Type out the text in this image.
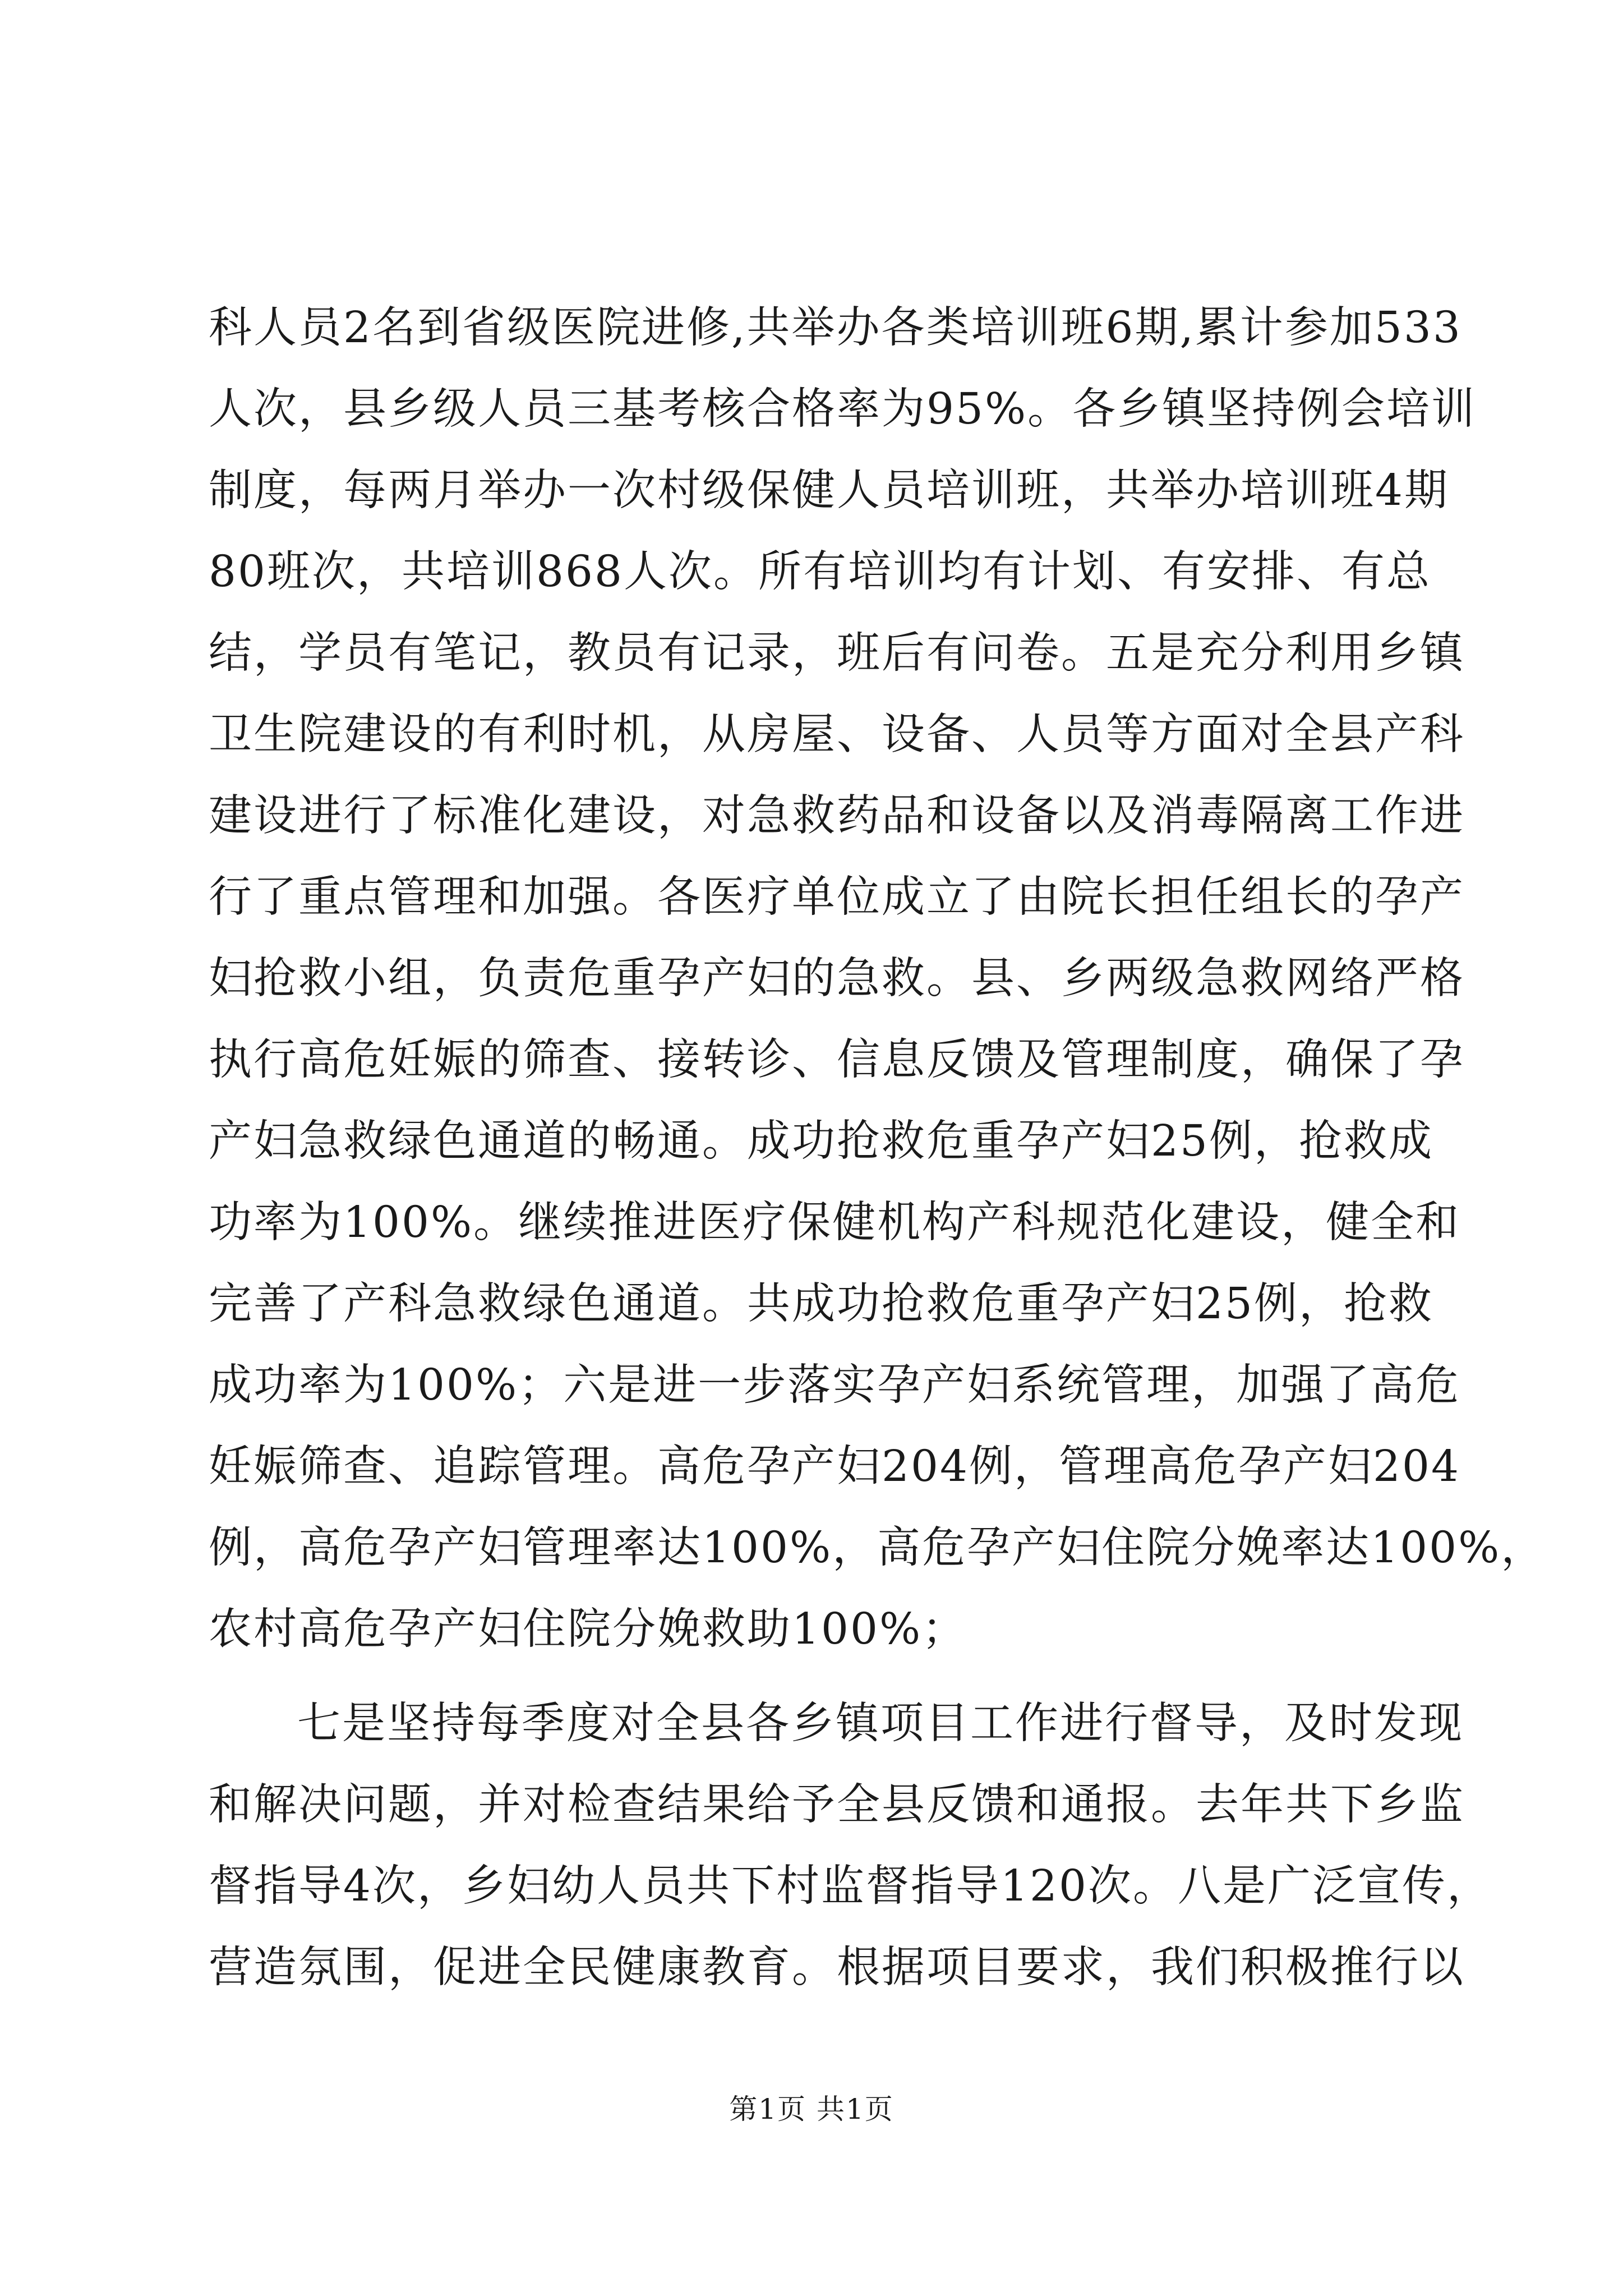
科人员2名到省级医院进修,共举办各类培训班6期,累计参加533
人次，县乡级人员三基考核合格率为95%。各乡镇坚持例会培训
制度，每两月举办一次村级保健人员培训班，共举办培训班4期
80班次，共培训868人次。所有培训均有计划、有安排、有总
结，学员有笔记，教员有记录，班后有问卷。五是充分利用乡镇
卫生院建设的有利时机，从房屋、设备、人员等方面对全县产科
建设进行了标准化建设，对急救药品和设备以及消毒隔离工作进
行了重点管理和加强。各医疗单位成立了由院长担任组长的孕产
妇抢救小组，负责危重孕产妇的急救。县、乡两级急救网络严格
执行高危妊娠的筛查、接转诊、信息反馈及管理制度，确保了孕
产妇急救绿色通道的畅通。成功抢救危重孕产妇25例，抢救成
功率为100%。继续推进医疗保健机构产科规范化建设，健全和
完善了产科急救绿色通道。共成功抢救危重孕产妇25例，抢救
成功率为100%；六是进一步落实孕产妇系统管理，加强了高危
妊娠筛查、追踪管理。高危孕产妇204例，管理高危孕产妇204
例，高危孕产妇管理率达100%，高危孕产妇住院分娩率达100%，
农村高危孕产妇住院分娩救助100%；
七是坚持每季度对全县各乡镇项目工作进行督导，及时发现
和解决问题，并对检查结果给予全县反馈和通报。去年共下乡监
督指导4次，乡妇幼人员共下村监督指导120次。八是广泛宣传，
营造氛围，促进全民健康教育。根据项目要求，我们积极推行以
第1页 共1页
